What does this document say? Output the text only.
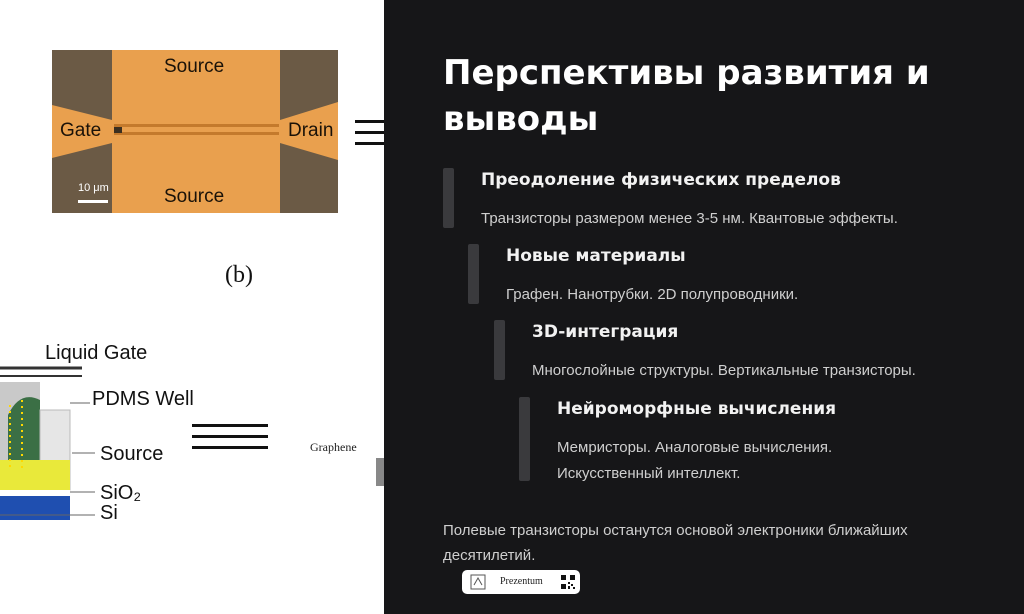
Source
Gate	Drain
Source
10 μm
(b)
Liquid Gate
PDMS Well
Source
SiO₂
Si
Graphene
Перспективы развития и выводы
Преодоление физических пределов
Транзисторы размером менее 3-5 нм. Квантовые эффекты.
Новые материалы
Графен. Нанотрубки. 2D полупроводники.
3D-интеграция
Многослойные структуры. Вертикальные транзисторы.
Нейроморфные вычисления
Мемристоры. Аналоговые вычисления.
Искусственный интеллект.
Полевые транзисторы останутся основой электроники ближайших десятилетий.
Prezentum
